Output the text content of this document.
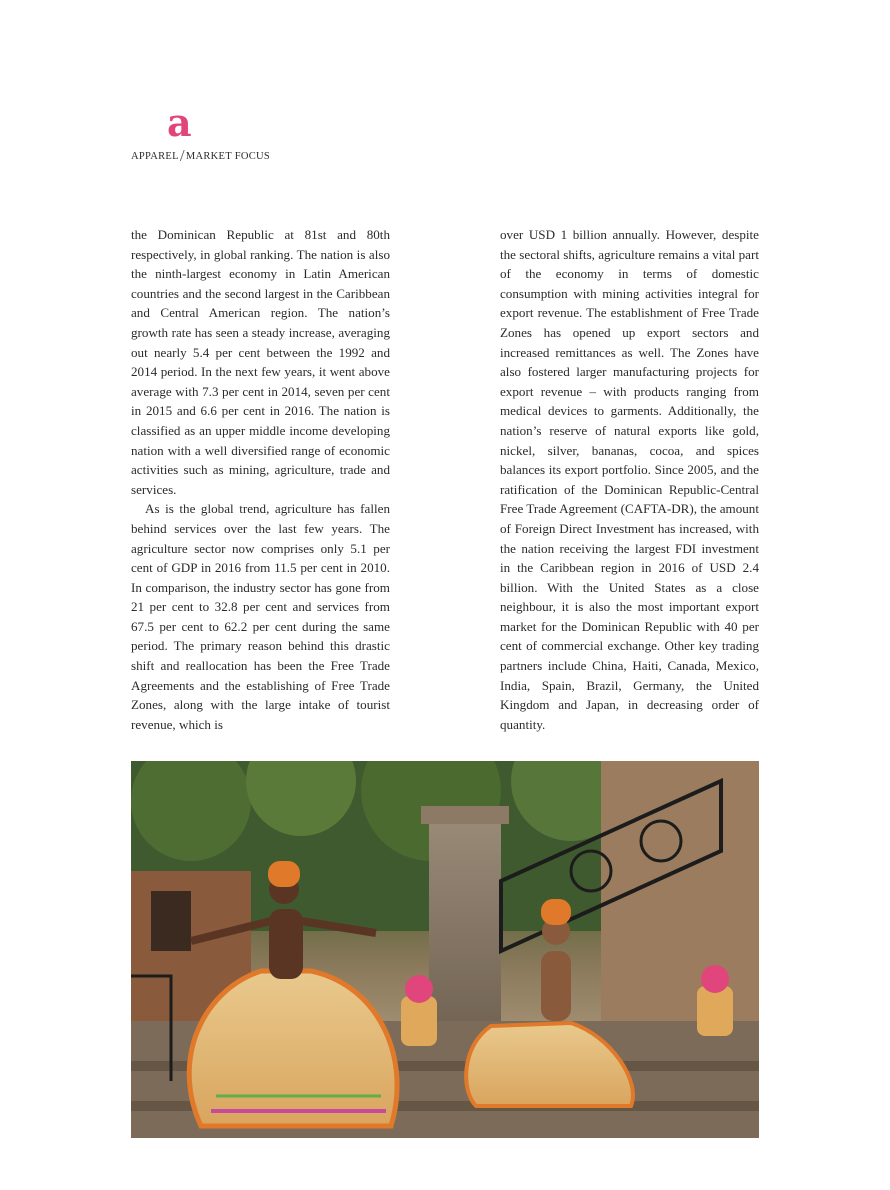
a
APPAREL/MARKET FOCUS

the Dominican Republic at 81st and 80th respectively, in global ranking. The nation is also the ninth-largest economy in Latin American countries and the second largest in the Caribbean and Central American region. The nation’s growth rate has seen a steady increase, averaging out nearly 5.4 per cent between the 1992 and 2014 period. In the next few years, it went above average with 7.3 per cent in 2014, seven per cent in 2015 and 6.6 per cent in 2016. The nation is classified as an upper middle income developing nation with a well diversified range of economic activities such as mining, agriculture, trade and services.

As is the global trend, agriculture has fallen behind services over the last few years. The agriculture sector now comprises only 5.1 per cent of GDP in 2016 from 11.5 per cent in 2010. In comparison, the industry sector has gone from 21 per cent to 32.8 per cent and services from 67.5 per cent to 62.2 per cent during the same period. The primary reason behind this drastic shift and reallocation has been the Free Trade Agreements and the establishing of Free Trade Zones, along with the large intake of tourist revenue, which is

over USD 1 billion annually. However, despite the sectoral shifts, agriculture remains a vital part of the economy in terms of domestic consumption with mining activities integral for export revenue. The establishment of Free Trade Zones has opened up export sectors and increased remittances as well. The Zones have also fostered larger manufacturing projects for export revenue – with products ranging from medical devices to garments. Additionally, the nation’s reserve of natural exports like gold, nickel, silver, bananas, cocoa, and spices balances its export portfolio. Since 2005, and the ratification of the Dominican Republic-Central Free Trade Agreement (CAFTA-DR), the amount of Foreign Direct Investment has increased, with the nation receiving the largest FDI investment in the Caribbean region in 2016 of USD 2.4 billion. With the United States as a close neighbour, it is also the most important export market for the Dominican Republic with 40 per cent of commercial exchange. Other key trading partners include China, Haiti, Canada, Mexico, India, Spain, Brazil, Germany, the United Kingdom and Japan, in decreasing order of quantity.
